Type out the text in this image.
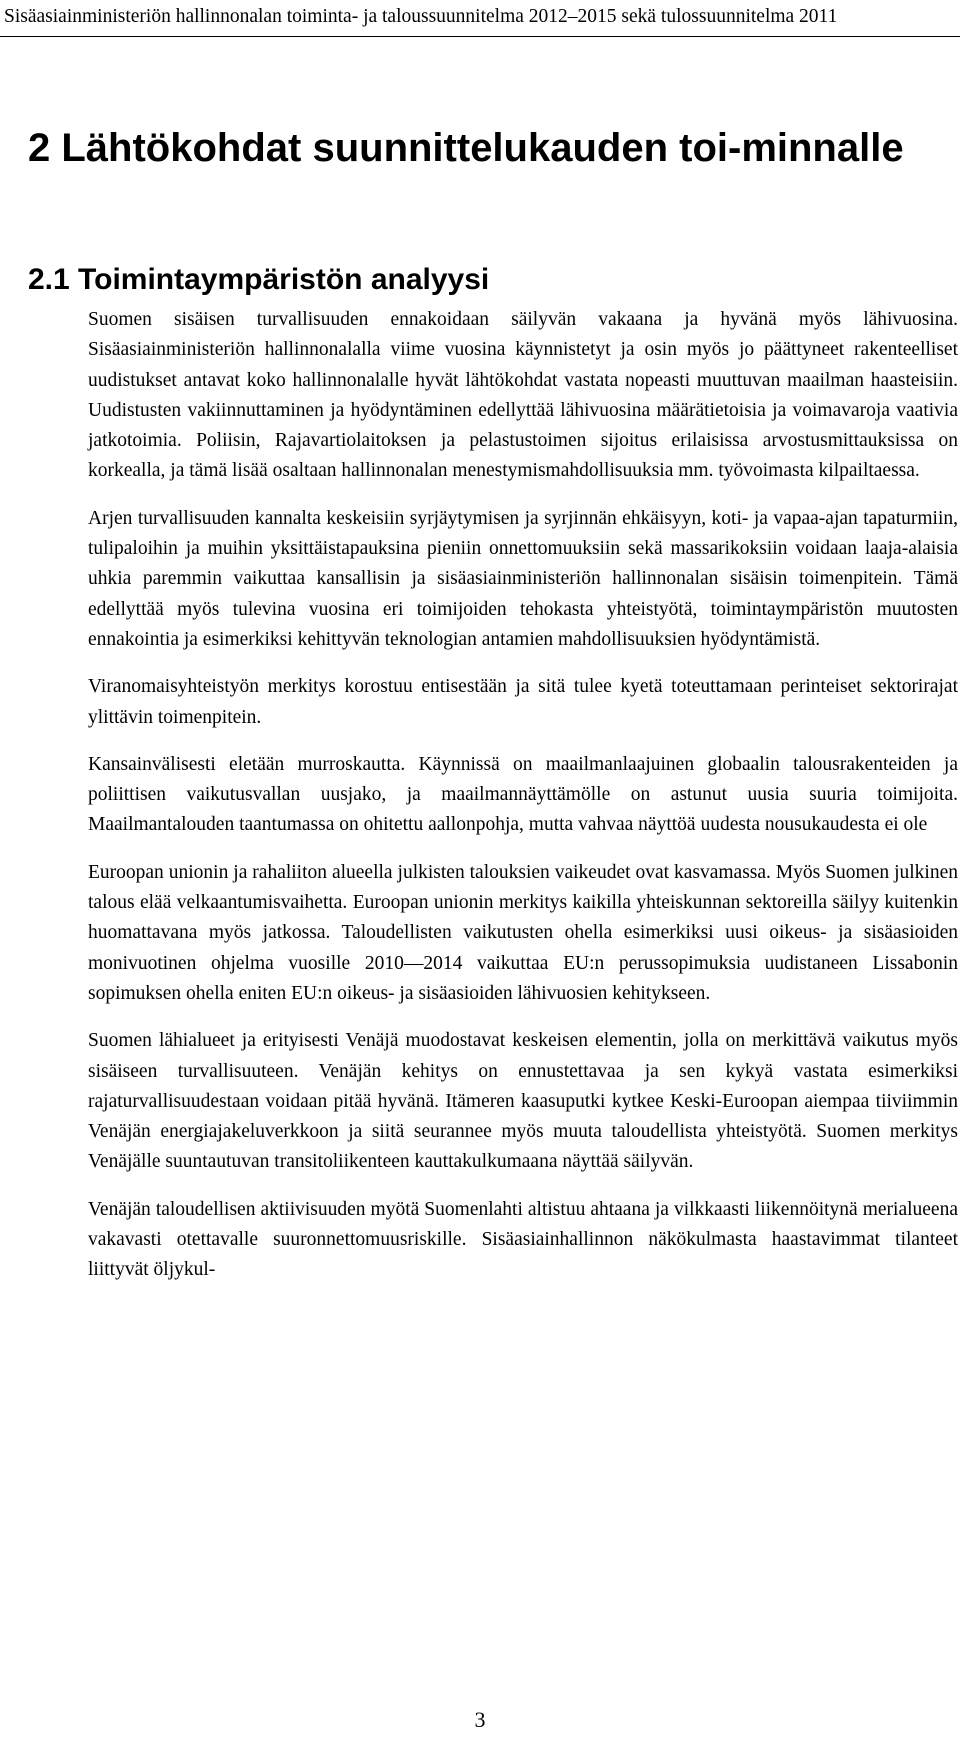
Sisäasiainministeriön hallinnonalan toiminta- ja taloussuunnitelma 2012–2015 sekä tulossuunnitelma 2011
2 Lähtökohdat suunnittelukauden toi-minnalle
2.1 Toimintaympäristön analyysi

Suomen sisäisen turvallisuuden ennakoidaan säilyvän vakaana ja hyvänä myös lähivuosina. Sisäasiainministeriön hallinnonalalla viime vuosina käynnistetyt ja osin myös jo päättyneet rakenteelliset uudistukset antavat koko hallinnonalalle hyvät lähtökohdat vastata nopeasti muuttuvan maailman haasteisiin. Uudistusten vakiinnuttaminen ja hyödyntäminen edellyttää lähivuosina määrätietoisia ja voimavaroja vaativia jatkotoimia. Poliisin, Rajavartiolaitoksen ja pelastustoimen sijoitus erilaisissa arvostusmittauksissa on korkealla, ja tämä lisää osaltaan hallinnonalan menestymismahdollisuuksia mm. työvoimasta kilpailtaessa.

Arjen turvallisuuden kannalta keskeisiin syrjäytymisen ja syrjinnän ehkäisyyn, koti- ja vapaa-ajan tapaturmiin, tulipaloihin ja muihin yksittäistapauksina pieniin onnettomuuksiin sekä massarikoksiin voidaan laaja-alaisia uhkia paremmin vaikuttaa kansallisin ja sisäasiainministeriön hallinnonalan sisäisin toimenpitein. Tämä edellyttää myös tulevina vuosina eri toimijoiden tehokasta yhteistyötä, toimintaympäristön muutosten ennakointia ja esimerkiksi kehittyvän teknologian antamien mahdollisuuksien hyödyntämistä.

Viranomaisyhteistyön merkitys korostuu entisestään ja sitä tulee kyetä toteuttamaan perinteiset sektorirajat ylittävin toimenpitein.

Kansainvälisesti eletään murroskautta. Käynnissä on maailmanlaajuinen globaalin talousrakenteiden ja poliittisen vaikutusvallan uusjako, ja maailmannäyttämölle on astunut uusia suuria toimijoita. Maailmantalouden taantumassa on ohitettu aallonpohja, mutta vahvaa näyttöä uudesta nousukaudesta ei ole

Euroopan unionin ja rahaliiton alueella julkisten talouksien vaikeudet ovat kasvamassa. Myös Suomen julkinen talous elää velkaantumisvaihetta. Euroopan unionin merkitys kaikilla yhteiskunnan sektoreilla säilyy kuitenkin huomattavana myös jatkossa. Taloudellisten vaikutusten ohella esimerkiksi uusi oikeus- ja sisäasioiden monivuotinen ohjelma vuosille 2010—2014 vaikuttaa EU:n perussopimuksia uudistaneen Lissabonin sopimuksen ohella eniten EU:n oikeus- ja sisäasioiden lähivuosien kehitykseen.

Suomen lähialueet ja erityisesti Venäjä muodostavat keskeisen elementin, jolla on merkittävä vaikutus myös sisäiseen turvallisuuteen. Venäjän kehitys on ennustettavaa ja sen kykyä vastata esimerkiksi rajaturvallisuudestaan voidaan pitää hyvänä. Itämeren kaasuputki kytkee Keski-Euroopan aiempaa tiiviimmin Venäjän energiajakeluverkkoon ja siitä seurannee myös muuta taloudellista yhteistyötä. Suomen merkitys Venäjälle suuntautuvan transitoliikenteen kauttakulkumaana näyttää säilyvän.

Venäjän taloudellisen aktiivisuuden myötä Suomenlahti altistuu ahtaana ja vilkkaasti liikennöitynä merialueena vakavasti otettavalle suuronnettomuusriskille. Sisäasiainhallinnon näkökulmasta haastavimmat tilanteet liittyvät öljykul-

3
